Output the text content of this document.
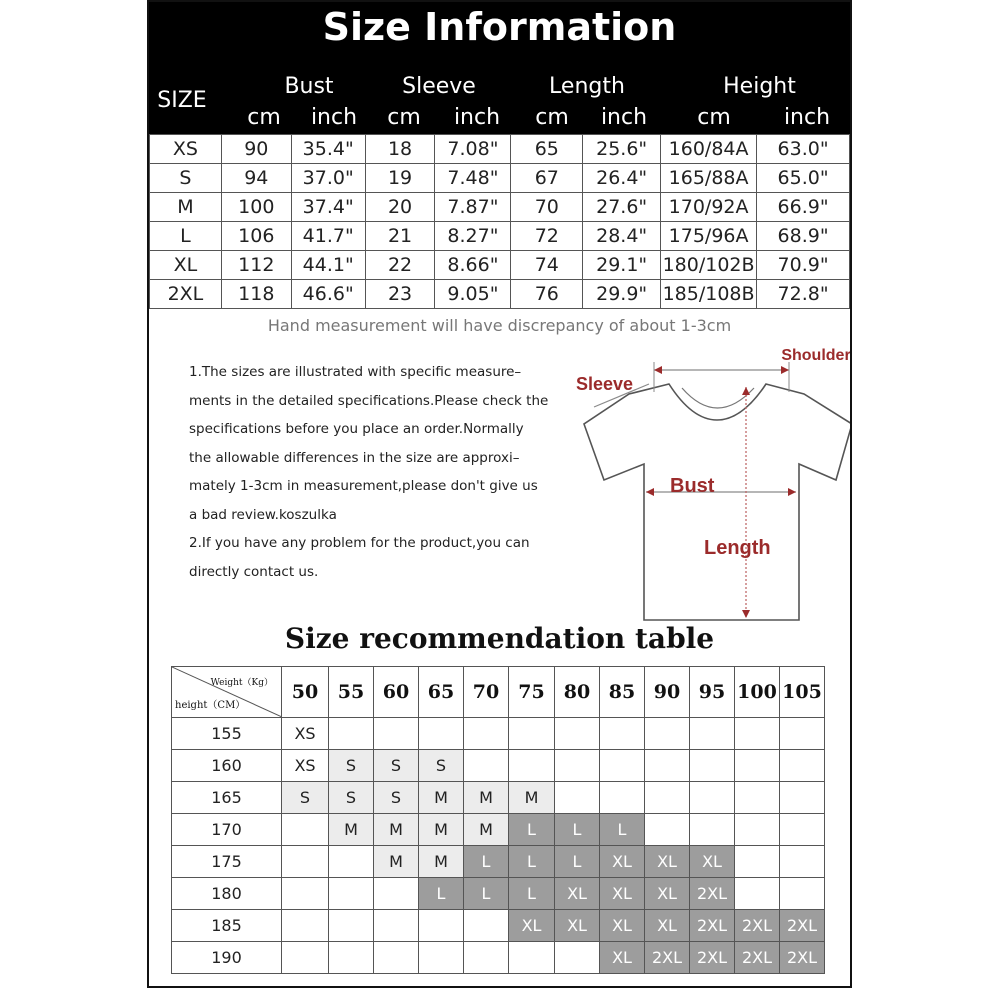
Size Information
SIZE
Bust	Sleeve	Length	Height
cm	inch	cm	inch	cm	inch	cm	inch
XS	90	35.4"	18	7.08"	65	25.6"	160/84A	63.0"
S	94	37.0"	19	7.48"	67	26.4"	165/88A	65.0"
M	100	37.4"	20	7.87"	70	27.6"	170/92A	66.9"
L	106	41.7"	21	8.27"	72	28.4"	175/96A	68.9"
XL	112	44.1"	22	8.66"	74	29.1"	180/102B	70.9"
2XL	118	46.6"	23	9.05"	76	29.9"	185/108B	72.8"
Hand measurement will have discrepancy of about 1-3cm
1.The sizes are illustrated with specific measure–
ments in the detailed specifications.Please check the
specifications before you place an order.Normally
the allowable differences in the size are approxi–
mately 1-3cm in measurement,please don't give us
a bad review.koszulka
2.If you have any problem for the product,you can
directly contact us.
Shoulder
Sleeve
Bust
Length
Size recommendation table
Weight（Kg）
height（CM）	50	55	60	65	70	75	80	85	90	95	100	105
155	XS											
160	XS	S	S	S								
165	S	S	S	M	M	M						
170		M	M	M	M	L	L	L				
175			M	M	L	L	L	XL	XL	XL		
180				L	L	L	XL	XL	XL	2XL		
185						XL	XL	XL	XL	2XL	2XL	2XL
190								XL	2XL	2XL	2XL	2XL
